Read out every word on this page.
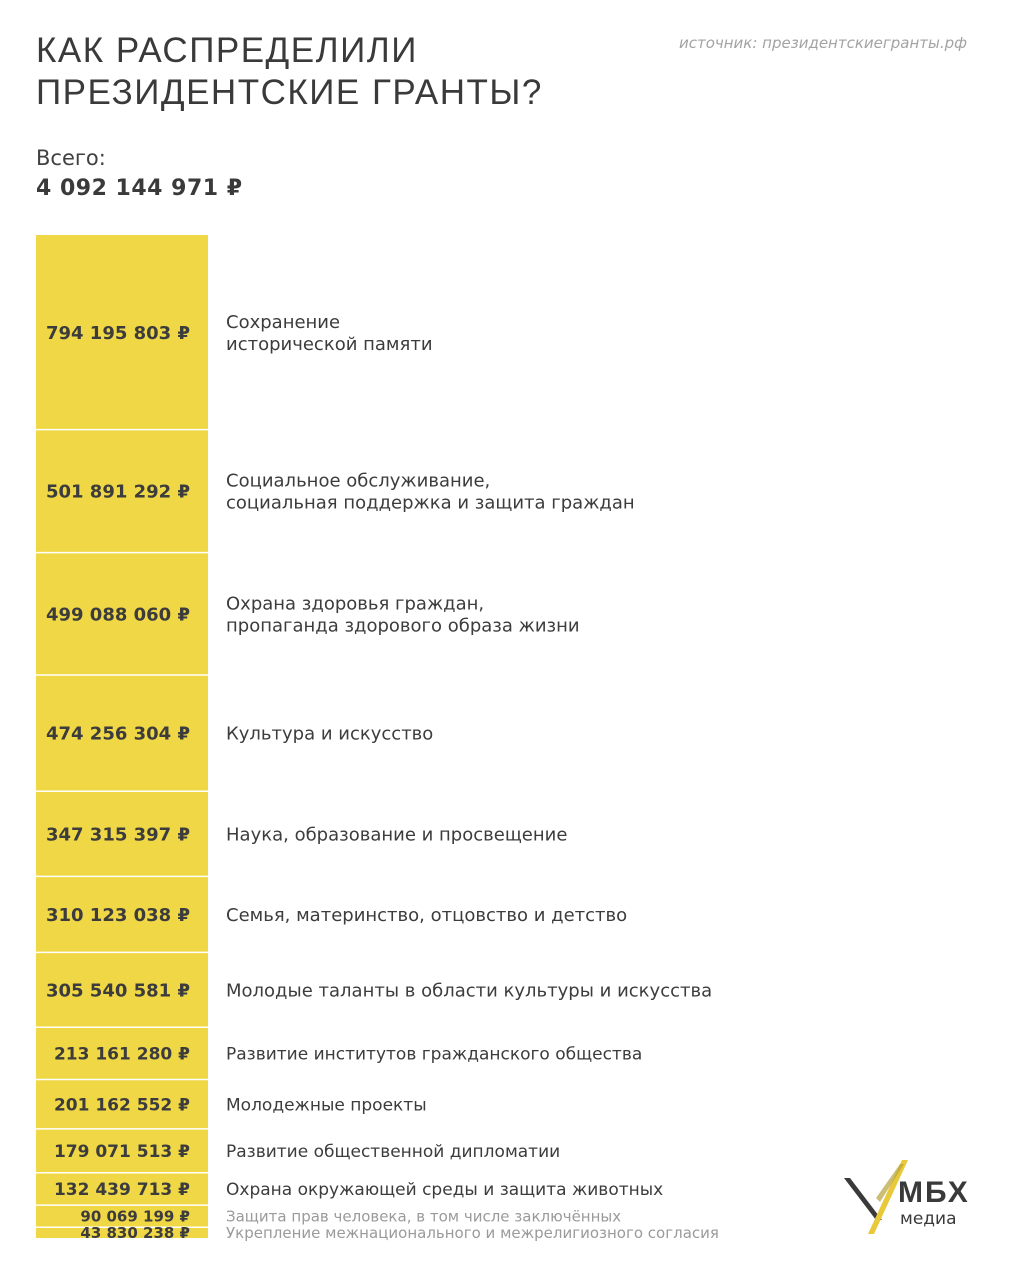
КАК РАСПРЕДЕЛИЛИ
ПРЕЗИДЕНТСКИЕ ГРАНТЫ?
источник: президентскиегранты.рф
Всего:
4 092 144 971 ₽
794 195 803 ₽
Сохранение
исторической памяти
501 891 292 ₽
Социальное обслуживание,
социальная поддержка и защита граждан
499 088 060 ₽
Охрана здоровья граждан,
пропаганда здорового образа жизни
474 256 304 ₽ Культура и искусство
347 315 397 ₽ Наука, образование и просвещение
310 123 038 ₽ Семья, материнство, отцовство и детство
305 540 581 ₽ Молодые таланты в области культуры и искусства
213 161 280 ₽ Развитие институтов гражданского общества
201 162 552 ₽ Молодежные проекты
179 071 513 ₽ Развитие общественной дипломатии
132 439 713 ₽ Охрана окружающей среды и защита животных
90 069 199 ₽ Защита прав человека, в том числе заключённых
43 830 238 ₽ Укрепление межнационального и межрелигиозного согласия
МБХ
медиа
